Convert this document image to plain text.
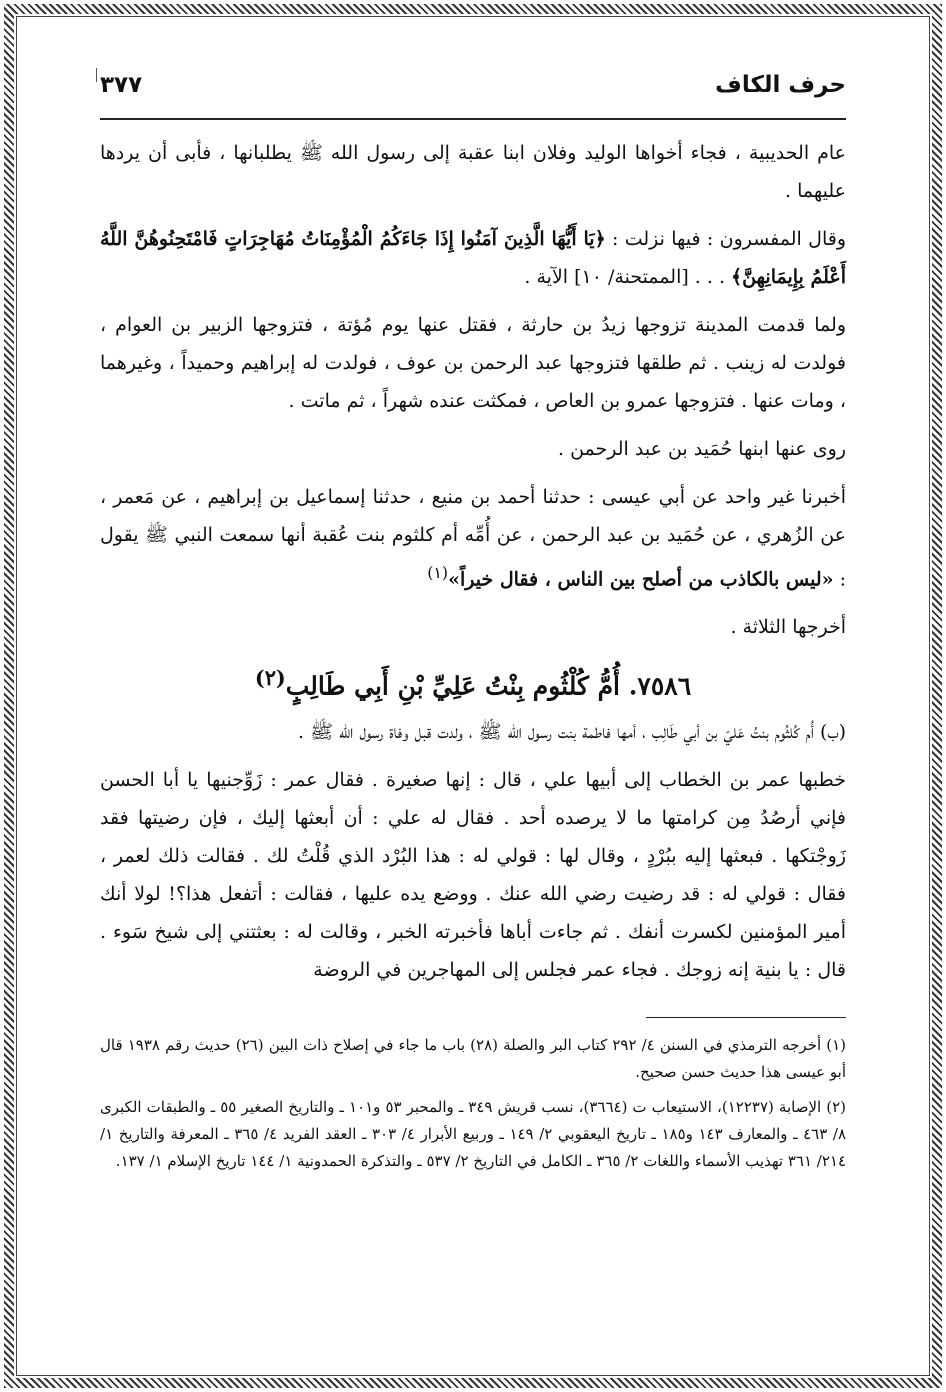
حرف الكاف
٣٧٧

عام الحديبية ، فجاء أخواها الوليد وفلان ابنا عقبة إلى رسول الله ﷺ يطلبانها ، فأبى أن يردها عليهما .

وقال المفسرون : فيها نزلت : ﴿يَا أَيُّهَا الَّذِينَ آمَنُوا إِذَا جَاءَكُمُ الْمُؤْمِنَاتُ مُهَاجِرَاتٍ فَامْتَحِنُوهُنَّ اللَّهُ أَعْلَمُ بِإِيمَانِهِنَّ﴾ . . . [الممتحنة/ ١٠] الآية .

ولما قدمت المدينة تزوجها زيدُ بن حارثة ، فقتل عنها يوم مُؤتة ، فتزوجها الزبير بن العوام ، فولدت له زينب . ثم طلقها فتزوجها عبد الرحمن بن عوف ، فولدت له إبراهيم وحميداً ، وغيرهما ، ومات عنها . فتزوجها عمرو بن العاص ، فمكثت عنده شهراً ، ثم ماتت .

روى عنها ابنها حُمَيد بن عبد الرحمن .

أخبرنا غير واحد عن أبي عيسى : حدثنا أحمد بن منيع ، حدثنا إسماعيل بن إبراهيم ، عن مَعمر ، عن الزُهري ، عن حُمَيد بن عبد الرحمن ، عن أُمِّه أم كلثوم بنت عُقبة أنها سمعت النبي ﷺ يقول : «ليس بالكاذب من أصلح بين الناس ، فقال خيراً»$^{(١)}$

أخرجها الثلاثة .

٧٥٨٦. أُمُّ كُلْثُوم بِنْتُ عَلِيِّ بْنِ أَبِي طَالِبٍ$^{(٢)}$

(ب) أُم كُلثُوم بنتُ عَليّ بن أبي طَالِب ، أمها فاطمة بنت رسول الله ﷺ ، ولدت قبل وفاة رسول الله ﷺ .

خطبها عمر بن الخطاب إلى أبيها علي ، قال : إنها صغيرة . فقال عمر : زَوِّجنيها يا أبا الحسن فإني أرصُدُ مِن كرامتها ما لا يرصده أحد . فقال له علي : أن أبعثها إليك ، فإن رضيتها فقد زَوجْتكها . فبعثها إليه ببُرْدٍ ، وقال لها : قولي له : هذا البُرْد الذي قُلْتُ لك . فقالت ذلك لعمر ، فقال : قولي له : قد رضيت رضي الله عنك . ووضع يده عليها ، فقالت : أتفعل هذا؟! لولا أنك أمير المؤمنين لكسرت أنفك . ثم جاءت أباها فأخبرته الخبر ، وقالت له : بعثتني إلى شيخ سَوء . قال : يا بنية إنه زوجك . فجاء عمر فجلس إلى المهاجرين في الروضة

(١) أخرجه الترمذي في السنن ٤/ ٢٩٢ كتاب البر والصلة (٢٨) باب ما جاء في إصلاح ذات البين (٢٦) حديث رقم ١٩٣٨ قال أبو عيسى هذا حديث حسن صحيح.

(٢) الإصابة (١٢٢٣٧)، الاستيعاب ت (٣٦٦٤)، نسب قريش ٣٤٩ ـ والمحبر ٥٣ و١٠١ ـ والتاريخ الصغير ٥٥ ـ والطبقات الكبرى ٨/ ٤٦٣ ـ والمعارف ١٤٣ و١٨٥ ـ تاريخ اليعقوبي ٢/ ١٤٩ ـ وربيع الأبرار ٤/ ٣٠٣ ـ العقد الفريد ٤/ ٣٦٥ ـ المعرفة والتاريخ ١/ ٢١٤/ ٣٦١ تهذيب الأسماء واللغات ٢/ ٣٦٥ ـ الكامل في التاريخ ٢/ ٥٣٧ ـ والتذكرة الحمدونية ١/ ١٤٤ تاريخ الإسلام ١/ ١٣٧.
